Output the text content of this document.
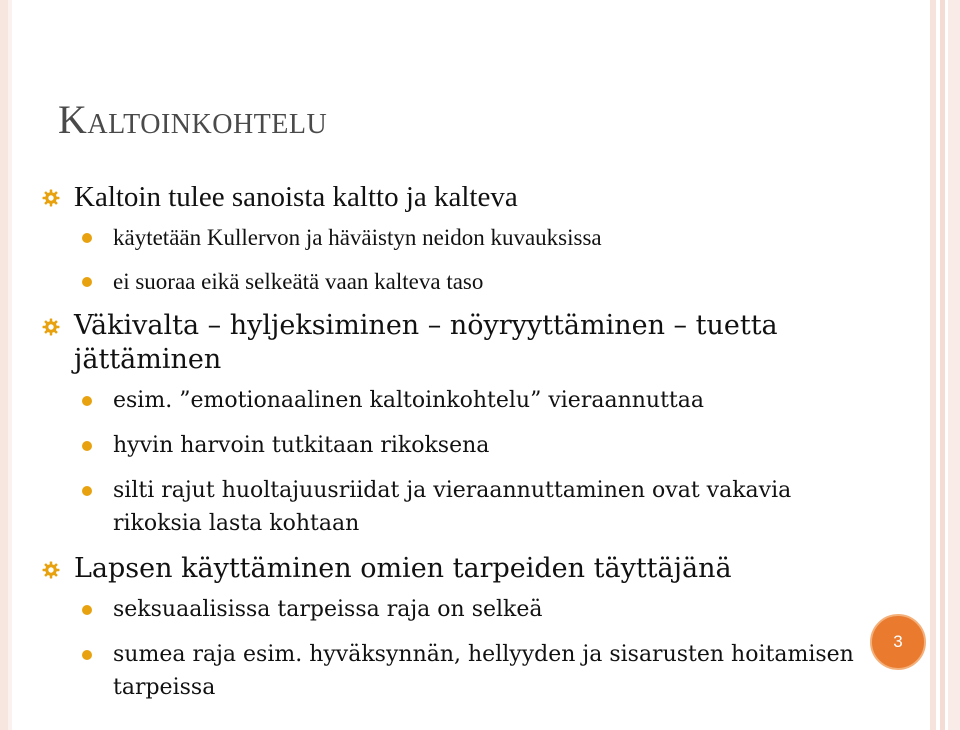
Kaltoinkohtelu
Kaltoin tulee sanoista kaltto ja kalteva
käytetään Kullervon ja häväistyn neidon kuvauksissa
ei suoraa eikä selkeätä vaan kalteva taso
Väkivalta – hyljeksiminen – nöyryyttäminen – tuetta jättäminen
esim. ”emotionaalinen kaltoinkohtelu” vieraannuttaa
hyvin harvoin tutkitaan rikoksena
silti rajut huoltajuusriidat ja vieraannuttaminen ovat vakavia rikoksia lasta kohtaan
Lapsen käyttäminen omien tarpeiden täyttäjänä
seksuaalisissa tarpeissa raja on selkeä
sumea raja esim. hyväksynnän, hellyyden ja sisarusten hoitamisen tarpeissa
3
